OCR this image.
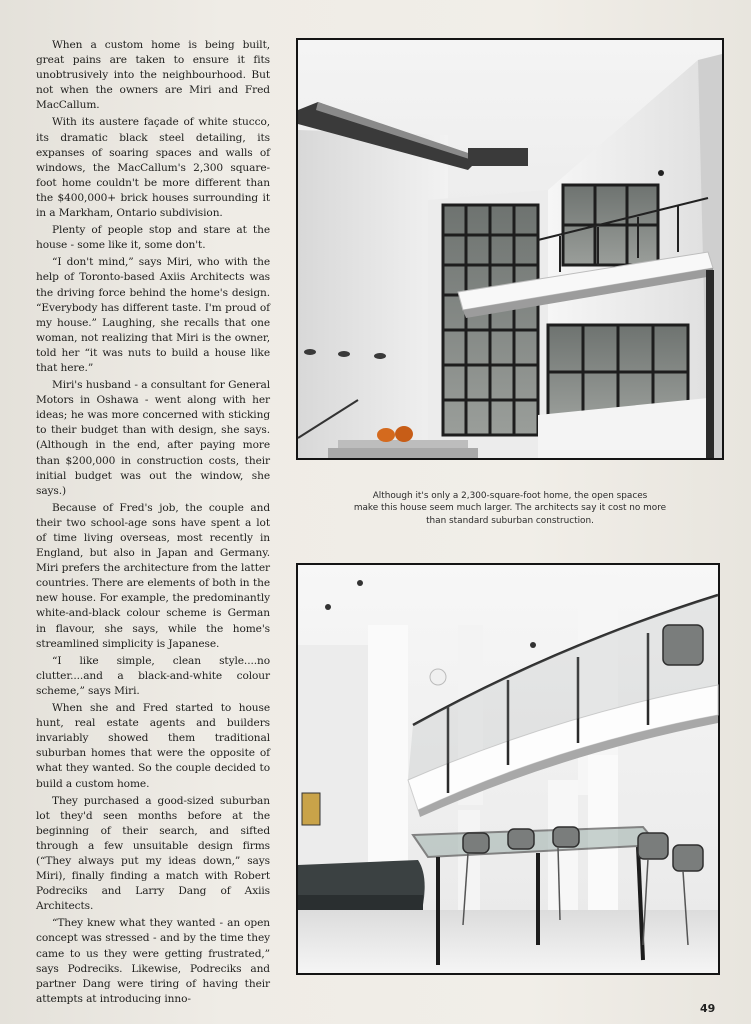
When a custom home is being built, great pains are taken to ensure it fits unobtrusively into the neighbourhood. But not when the owners are Miri and Fred MacCallum.

With its austere façade of white stucco, its dramatic black steel detailing, its expanses of soaring spaces and walls of windows, the MacCallum's 2,300 square-foot home couldn't be more different than the $400,000+ brick houses surrounding it in a Markham, Ontario subdivision.

Plenty of people stop and stare at the house - some like it, some don't.

“I don't mind,” says Miri, who with the help of Toronto-based Axiis Architects was the driving force behind the home's design. “Everybody has different taste. I'm proud of my house.” Laughing, she recalls that one woman, not realizing that Miri is the owner, told her “it was nuts to build a house like that here.”

Miri's husband - a consultant for General Motors in Oshawa - went along with her ideas; he was more concerned with sticking to their budget than with design, she says. (Although in the end, after paying more than $200,000 in construction costs, their initial budget was out the window, she says.)

Because of Fred's job, the couple and their two school-age sons have spent a lot of time living overseas, most recently in England, but also in Japan and Germany. Miri prefers the architecture from the latter countries. There are elements of both in the new house. For example, the predominantly white-and-black colour scheme is German in flavour, she says, while the home's streamlined simplicity is Japanese.

“I like simple, clean style....no clutter....and a black-and-white colour scheme,” says Miri.

When she and Fred started to house hunt, real estate agents and builders invariably showed them traditional suburban homes that were the opposite of what they wanted. So the couple decided to build a custom home.

They purchased a good-sized suburban lot they'd seen months before at the beginning of their search, and sifted through a few unsuitable design firms (“They always put my ideas down,” says Miri), finally finding a match with Robert Podreciks and Larry Dang of Axiis Architects.

“They knew what they wanted - an open concept was stressed - and by the time they came to us they were getting frustrated,” says Podreciks. Likewise, Podreciks and partner Dang were tiring of having their attempts at introducing inno-

Although it's only a 2,300-square-foot home, the open spaces
make this house seem much larger. The architects say it cost no more
than standard suburban construction.
49
